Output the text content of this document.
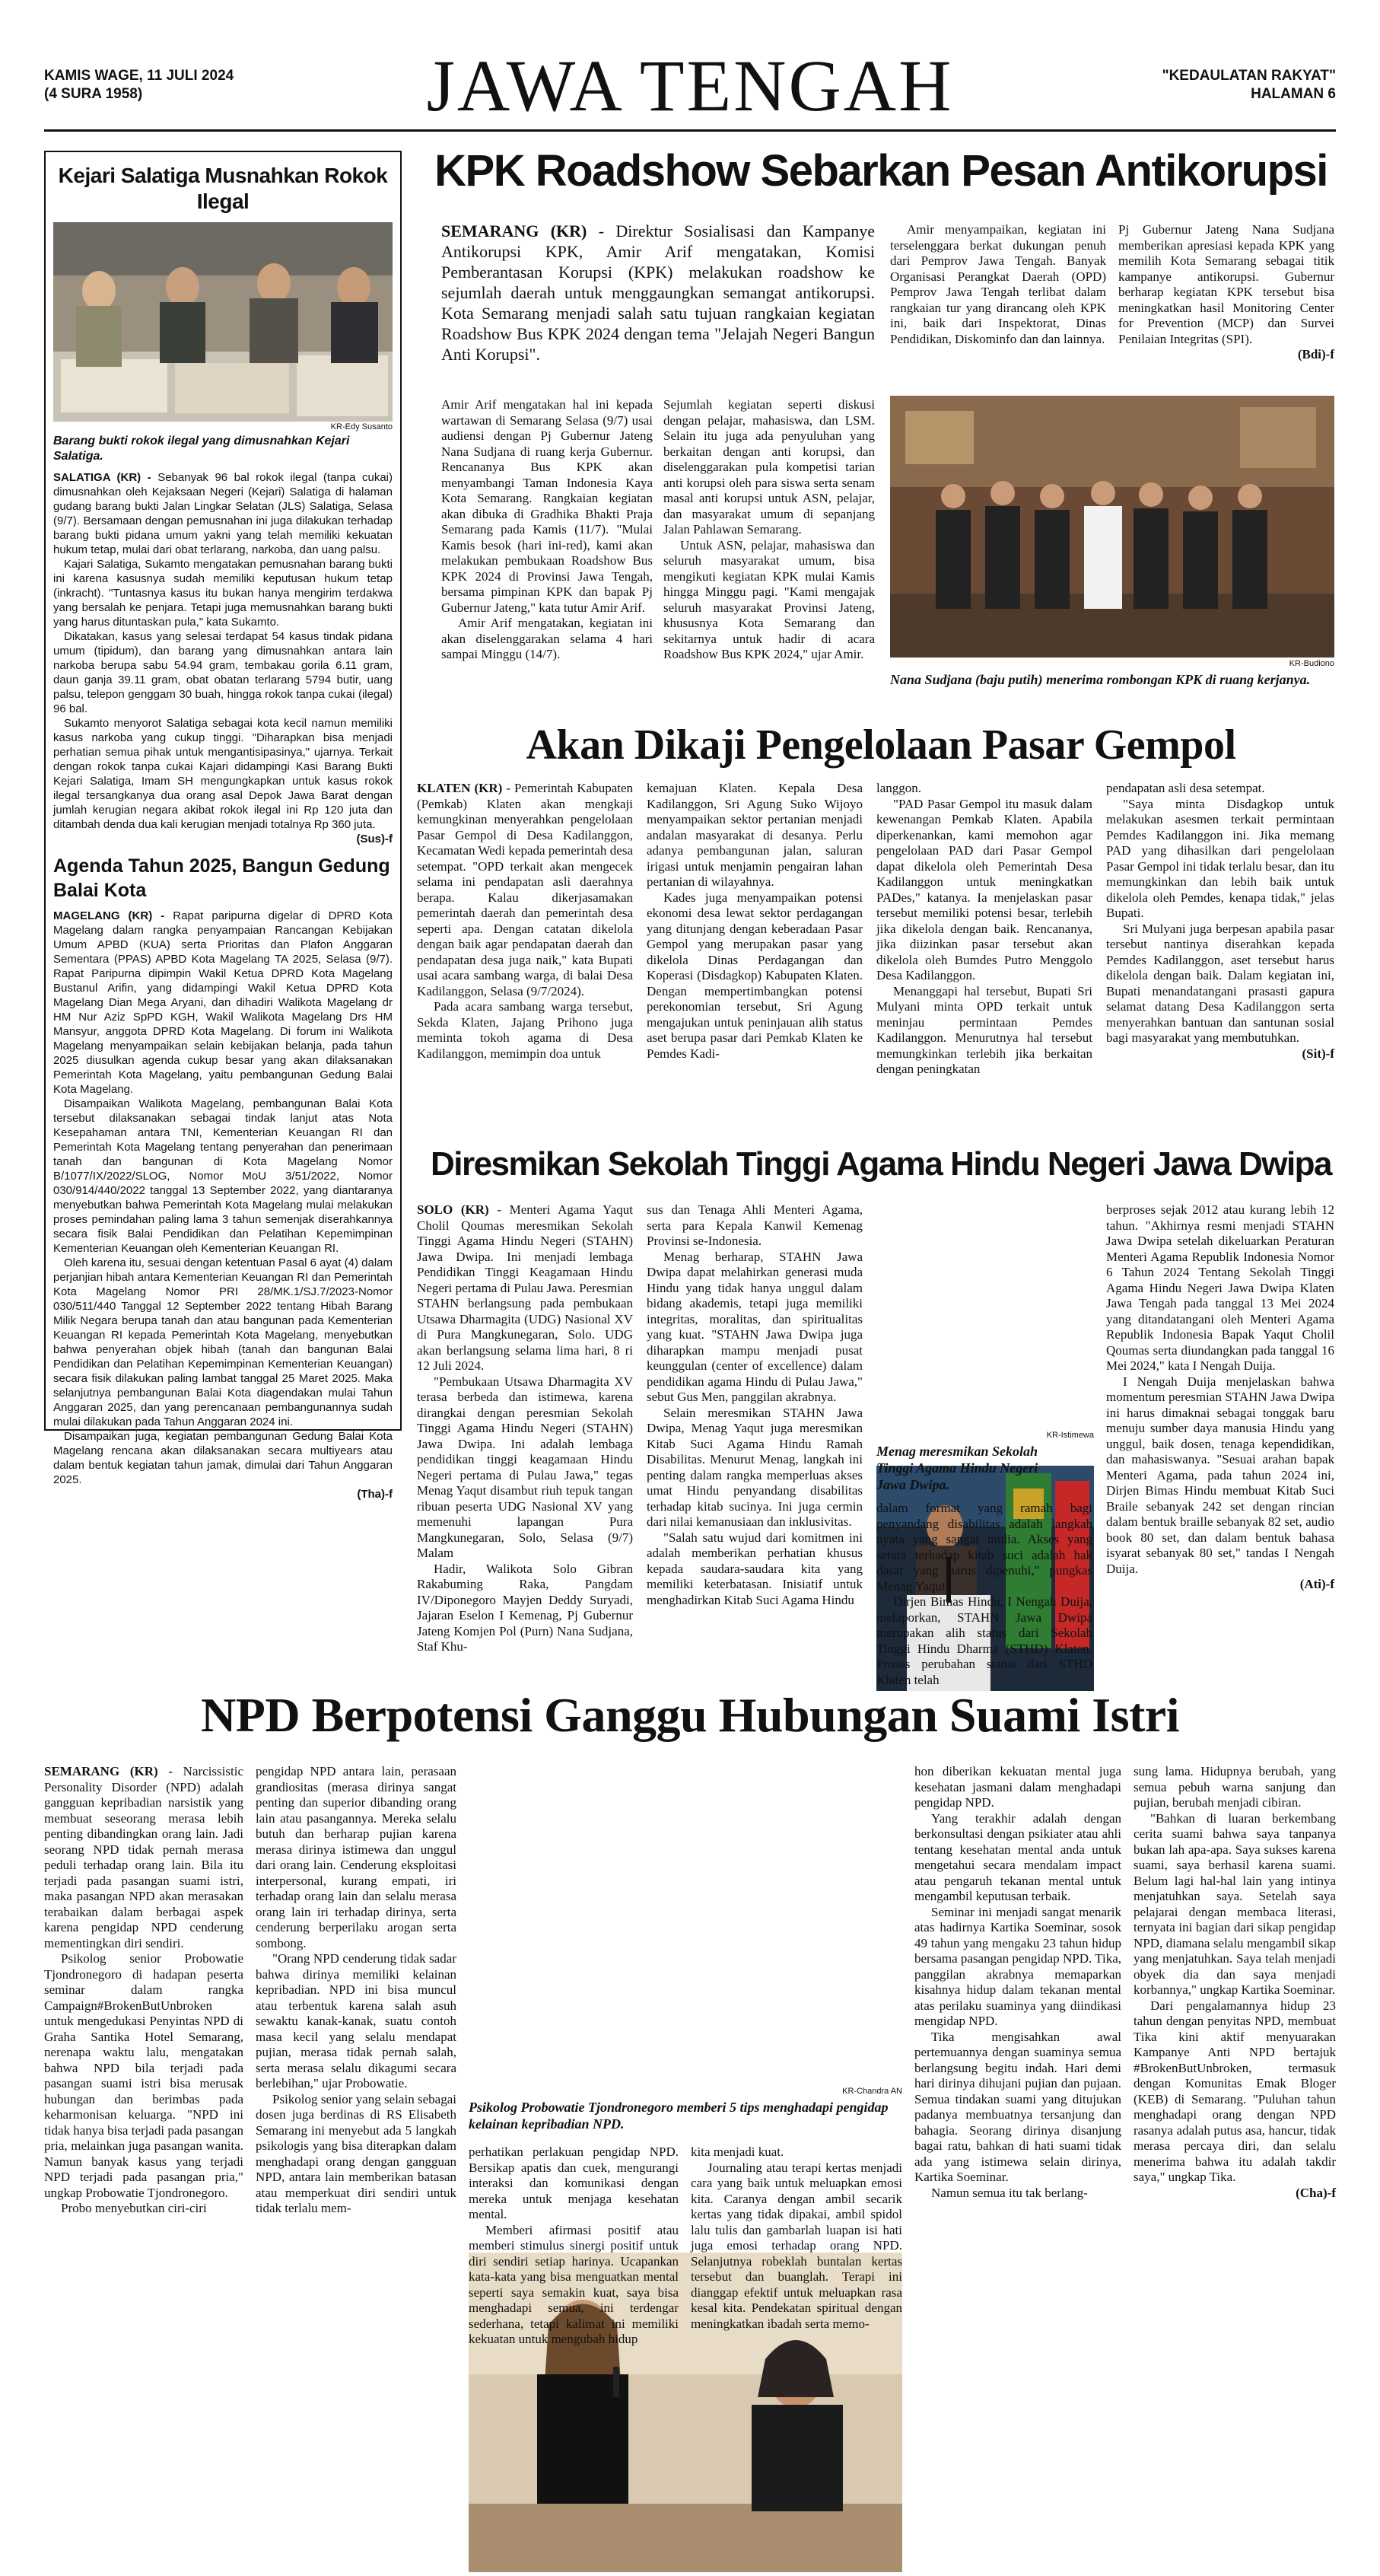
KAMIS WAGE, 11 JULI 2024
(4 SURA 1958)	JAWA TENGAH	"KEDAULATAN RAKYAT"
HALAMAN 6
Kejari Salatiga Musnahkan Rokok Ilegal
KR-Edy Susanto
Barang bukti rokok ilegal yang dimusnahkan Kejari Salatiga.

SALATIGA (KR) - Sebanyak 96 bal rokok ilegal (tanpa cukai) dimusnahkan oleh Kejaksaan Negeri (Kejari) Salatiga di halaman gudang barang bukti Jalan Lingkar Selatan (JLS) Salatiga, Selasa (9/7). Bersamaan dengan pemusnahan ini juga dilakukan terhadap barang bukti pidana umum yakni yang telah memiliki kekuatan hukum tetap, mulai dari obat terlarang, narkoba, dan uang palsu.

Kajari Salatiga, Sukamto mengatakan pemusnahan barang bukti ini karena kasusnya sudah memiliki keputusan hukum tetap (inkracht). "Tuntasnya kasus itu bukan hanya mengirim terdakwa yang bersalah ke penjara. Tetapi juga memusnahkan barang bukti yang harus dituntaskan pula," kata Sukamto.

Dikatakan, kasus yang selesai terdapat 54 kasus tindak pidana umum (tipidum), dan barang yang dimusnahkan antara lain narkoba berupa sabu 54.94 gram, tembakau gorila 6.11 gram, daun ganja 39.11 gram, obat obatan terlarang 5794 butir, uang palsu, telepon genggam 30 buah, hingga rokok tanpa cukai (ilegal) 96 bal.

Sukamto menyorot Salatiga sebagai kota kecil namun memiliki kasus narkoba yang cukup tinggi. "Diharapkan bisa menjadi perhatian semua pihak untuk mengantisipasinya," ujarnya. Terkait dengan rokok tanpa cukai Kajari didampingi Kasi Barang Bukti Kejari Salatiga, Imam SH mengungkapkan untuk kasus rokok ilegal tersangkanya dua orang asal Depok Jawa Barat dengan jumlah kerugian negara akibat rokok ilegal ini Rp 120 juta dan ditambah denda dua kali kerugian menjadi totalnya Rp 360 juta.

(Sus)-f
Agenda Tahun 2025, Bangun Gedung Balai Kota

MAGELANG (KR) - Rapat paripurna digelar di DPRD Kota Magelang dalam rangka penyampaian Rancangan Kebijakan Umum APBD (KUA) serta Prioritas dan Plafon Anggaran Sementara (PPAS) APBD Kota Magelang TA 2025, Selasa (9/7). Rapat Paripurna dipimpin Wakil Ketua DPRD Kota Magelang Bustanul Arifin, yang didampingi Wakil Ketua DPRD Kota Magelang Dian Mega Aryani, dan dihadiri Walikota Magelang dr HM Nur Aziz SpPD KGH, Wakil Walikota Magelang Drs HM Mansyur, anggota DPRD Kota Magelang. Di forum ini Walikota Magelang menyampaikan selain kebijakan belanja, pada tahun 2025 diusulkan agenda cukup besar yang akan dilaksanakan Pemerintah Kota Magelang, yaitu pembangunan Gedung Balai Kota Magelang.

Disampaikan Walikota Magelang, pembangunan Balai Kota tersebut dilaksanakan sebagai tindak lanjut atas Nota Kesepahaman antara TNI, Kementerian Keuangan RI dan Pemerintah Kota Magelang tentang penyerahan dan penerimaan tanah dan bangunan di Kota Magelang Nomor B/1077/IX/2022/SLOG, Nomor MoU 3/51/2022, Nomor 030/914/440/2022 tanggal 13 September 2022, yang diantaranya menyebutkan bahwa Pemerintah Kota Magelang mulai melakukan proses pemindahan paling lama 3 tahun semenjak diserahkannya secara fisik Balai Pendidikan dan Pelatihan Kepemimpinan Kementerian Keuangan oleh Kementerian Keuangan RI.

Oleh karena itu, sesuai dengan ketentuan Pasal 6 ayat (4) dalam perjanjian hibah antara Kementerian Keuangan RI dan Pemerintah Kota Magelang Nomor PRI 28/MK.1/SJ.7/2023-Nomor 030/511/440 Tanggal 12 September 2022 tentang Hibah Barang Milik Negara berupa tanah dan atau bangunan pada Kementerian Keuangan RI kepada Pemerintah Kota Magelang, menyebutkan bahwa penyerahan objek hibah (tanah dan bangunan Balai Pendidikan dan Pelatihan Kepemimpinan Kementerian Keuangan) secara fisik dilakukan paling lambat tanggal 25 Maret 2025. Maka selanjutnya pembangunan Balai Kota diagendakan mulai Tahun Anggaran 2025, dan yang perencanaan pembangunannya sudah mulai dilakukan pada Tahun Anggaran 2024 ini.

Disampaikan juga, kegiatan pembangunan Gedung Balai Kota Magelang rencana akan dilaksanakan secara multiyears atau dalam bentuk kegiatan tahun jamak, dimulai dari Tahun Anggaran 2025.

(Tha)-f
KPK Roadshow Sebarkan Pesan Antikorupsi

SEMARANG (KR) - Direktur Sosialisasi dan Kampanye Antikorupsi KPK, Amir Arif mengatakan, Komisi Pemberantasan Korupsi (KPK) melakukan roadshow ke sejumlah daerah untuk menggaungkan semangat antikorupsi. Kota Semarang menjadi salah satu tujuan rangkaian kegiatan Roadshow Bus KPK 2024 dengan tema "Jelajah Negeri Bangun Anti Korupsi".

Amir Arif mengatakan hal ini kepada wartawan di Semarang Selasa (9/7) usai audiensi dengan Pj Gubernur Jateng Nana Sudjana di ruang kerja Gubernur. Rencananya Bus KPK akan menyambangi Taman Indonesia Kaya Kota Semarang. Rangkaian kegiatan akan dibuka di Gradhika Bhakti Praja Semarang pada Kamis (11/7). "Mulai Kamis besok (hari ini-red), kami akan melakukan pembukaan Roadshow Bus KPK 2024 di Provinsi Jawa Tengah, bersama pimpinan KPK dan bapak Pj Gubernur Jateng," kata tutur Amir Arif.

Amir Arif mengatakan, kegiatan ini akan diselenggarakan selama 4 hari sampai Minggu (14/7).

Sejumlah kegiatan seperti diskusi dengan pelajar, mahasiswa, dan LSM. Selain itu juga ada penyuluhan yang berkaitan dengan anti korupsi, dan diselenggarakan pula kompetisi tarian anti korupsi oleh para siswa serta senam masal anti korupsi untuk ASN, pelajar, dan masyarakat umum di sepanjang Jalan Pahlawan Semarang.

Untuk ASN, pelajar, mahasiswa dan seluruh masyarakat umum, bisa mengikuti kegiatan KPK mulai Kamis hingga Minggu pagi. "Kami mengajak seluruh masyarakat Provinsi Jateng, khususnya Kota Semarang dan sekitarnya untuk hadir di acara Roadshow Bus KPK 2024," ujar Amir.

Amir menyampaikan, kegiatan ini terselenggara berkat dukungan penuh dari Pemprov Jawa Tengah. Banyak Organisasi Perangkat Daerah (OPD) Pemprov Jawa Tengah terlibat dalam rangkaian tur yang dirancang oleh KPK ini, baik dari Inspektorat, Dinas Pendidikan, Diskominfo dan dan lainnya.

Pj Gubernur Jateng Nana Sudjana memberikan apresiasi kepada KPK yang memilih Kota Semarang sebagai titik kampanye antikorupsi. Gubernur berharap kegiatan KPK tersebut bisa meningkatkan hasil Monitoring Center for Prevention (MCP) dan Survei Penilaian Integritas (SPI).

(Bdi)-f
KR-Budiono
Nana Sudjana (baju putih) menerima rombongan KPK di ruang kerjanya.
Akan Dikaji Pengelolaan Pasar Gempol

KLATEN (KR) - Pemerintah Kabupaten (Pemkab) Klaten akan mengkaji kemungkinan menyerahkan pengelolaan Pasar Gempol di Desa Kadilanggon, Kecamatan Wedi kepada pemerintah desa setempat. "OPD terkait akan mengecek selama ini pendapatan asli daerahnya berapa. Kalau dikerjasamakan pemerintah daerah dan pemerintah desa seperti apa. Dengan catatan dikelola dengan baik agar pendapatan daerah dan pendapatan desa juga naik," kata Bupati usai acara sambang warga, di balai Desa Kadilanggon, Selasa (9/7/2024).

Pada acara sambang warga tersebut, Sekda Klaten, Jajang Prihono juga meminta tokoh agama di Desa Kadilanggon, memimpin doa untuk

kemajuan Klaten. Kepala Desa Kadilanggon, Sri Agung Suko Wijoyo menyampaikan sektor pertanian menjadi andalan masyarakat di desanya. Perlu adanya pembangunan jalan, saluran irigasi untuk menjamin pengairan lahan pertanian di wilayahnya.

Kades juga menyampaikan potensi ekonomi desa lewat sektor perdagangan yang ditunjang dengan keberadaan Pasar Gempol yang merupakan pasar yang dikelola Dinas Perdagangan dan Koperasi (Disdagkop) Kabupaten Klaten. Dengan mempertimbangkan potensi perekonomian tersebut, Sri Agung mengajukan untuk peninjauan alih status aset berupa pasar dari Pemkab Klaten ke Pemdes Kadi-

langgon.

"PAD Pasar Gempol itu masuk dalam kewenangan Pemkab Klaten. Apabila diperkenankan, kami memohon agar pengelolaan PAD dari Pasar Gempol dapat dikelola oleh Pemerintah Desa Kadilanggon untuk meningkatkan PADes," katanya. Ia menjelaskan pasar tersebut memiliki potensi besar, terlebih jika dikelola dengan baik. Rencananya, jika diizinkan pasar tersebut akan dikelola oleh Bumdes Putro Menggolo Desa Kadilanggon.

Menanggapi hal tersebut, Bupati Sri Mulyani minta OPD terkait untuk meninjau permintaan Pemdes Kadilanggon. Menurutnya hal tersebut memungkinkan terlebih jika berkaitan dengan peningkatan

pendapatan asli desa setempat.

"Saya minta Disdagkop untuk melakukan asesmen terkait permintaan Pemdes Kadilanggon ini. Jika memang PAD yang dihasilkan dari pengelolaan Pasar Gempol ini tidak terlalu besar, dan itu memungkinkan dan lebih baik untuk dikelola oleh Pemdes, kenapa tidak," jelas Bupati.

Sri Mulyani juga berpesan apabila pasar tersebut nantinya diserahkan kepada Pemdes Kadilanggon, aset tersebut harus dikelola dengan baik. Dalam kegiatan ini, Bupati menandatangani prasasti gapura selamat datang Desa Kadilanggon serta menyerahkan bantuan dan santunan sosial bagi masyarakat yang membutuhkan.

(Sit)-f
Diresmikan Sekolah Tinggi Agama Hindu Negeri Jawa Dwipa

SOLO (KR) - Menteri Agama Yaqut Cholil Qoumas meresmikan Sekolah Tinggi Agama Hindu Negeri (STAHN) Jawa Dwipa. Ini menjadi lembaga Pendidikan Tinggi Keagamaan Hindu Negeri pertama di Pulau Jawa. Peresmian STAHN berlangsung pada pembukaan Utsawa Dharmagita (UDG) Nasional XV di Pura Mangkunegaran, Solo. UDG akan berlangsung selama lima hari, 8 ri 12 Juli 2024.

"Pembukaan Utsawa Dharmagita XV terasa berbeda dan istimewa, karena dirangkai dengan peresmian Sekolah Tinggi Agama Hindu Negeri (STAHN) Jawa Dwipa. Ini adalah lembaga pendidikan tinggi keagamaan Hindu Negeri pertama di Pulau Jawa," tegas Menag Yaqut disambut riuh tepuk tangan ribuan peserta UDG Nasional XV yang memenuhi lapangan Pura Mangkunegaran, Solo, Selasa (9/7) Malam

Hadir, Walikota Solo Gibran Rakabuming Raka, Pangdam IV/Diponegoro Mayjen Deddy Suryadi, Jajaran Eselon I Kemenag, Pj Gubernur Jateng Komjen Pol (Purn) Nana Sudjana, Staf Khu-

sus dan Tenaga Ahli Menteri Agama, serta para Kepala Kanwil Kemenag Provinsi se-Indonesia.

Menag berharap, STAHN Jawa Dwipa dapat melahirkan generasi muda Hindu yang tidak hanya unggul dalam bidang akademis, tetapi juga memiliki integritas, moralitas, dan spiritualitas yang kuat. "STAHN Jawa Dwipa juga diharapkan mampu menjadi pusat keunggulan (center of excellence) dalam pendidikan agama Hindu di Pulau Jawa," sebut Gus Men, panggilan akrabnya.

Selain meresmikan STAHN Jawa Dwipa, Menag Yaqut juga meresmikan Kitab Suci Agama Hindu Ramah Disabilitas. Menurut Menag, langkah ini penting dalam rangka memperluas akses umat Hindu penyandang disabilitas terhadap kitab sucinya. Ini juga cermin dari nilai kemanusiaan dan inklusivitas.

"Salah satu wujud dari komitmen ini adalah memberikan perhatian khusus kepada saudara-saudara kita yang memiliki keterbatasan. Inisiatif untuk menghadirkan Kitab Suci Agama Hindu

KR-Istimewa
Menag meresmikan Sekolah Tinggi Agama Hindu Negeri Jawa Dwipa.

dalam format yang ramah bagi penyandang disabilitas adalah langkah nyata yang sangat mulia. Akses yang setara terhadap kitab suci adalah hak dasar yang harus dipenuhi," pungkas Menag Yaqut.

Dirjen Bimas Hindu, I Nengah Duija, melaporkan, STAHN Jawa Dwipa merupakan alih status dari Sekolah Tinggi Hindu Dharma (STHD) Klaten. Proses perubahan status dari STHD Klaten telah

berproses sejak 2012 atau kurang lebih 12 tahun. "Akhirnya resmi menjadi STAHN Jawa Dwipa setelah dikeluarkan Peraturan Menteri Agama Republik Indonesia Nomor 6 Tahun 2024 Tentang Sekolah Tinggi Agama Hindu Negeri Jawa Dwipa Klaten Jawa Tengah pada tanggal 13 Mei 2024 yang ditandatangani oleh Menteri Agama Republik Indonesia Bapak Yaqut Cholil Qoumas serta diundangkan pada tanggal 16 Mei 2024," kata I Nengah Duija.

I Nengah Duija menjelaskan bahwa momentum peresmian STAHN Jawa Dwipa ini harus dimaknai sebagai tonggak baru menuju sumber daya manusia Hindu yang unggul, baik dosen, tenaga kependidikan, dan mahasiswanya. "Sesuai arahan bapak Menteri Agama, pada tahun 2024 ini, Dirjen Bimas Hindu membuat Kitab Suci Braile sebanyak 242 set dengan rincian dalam bentuk braille sebanyak 82 set, audio book 80 set, dan dalam bentuk bahasa isyarat sebanyak 80 set," tandas I Nengah Duija.

(Ati)-f
NPD Berpotensi Ganggu Hubungan Suami Istri

SEMARANG (KR) - Narcissistic Personality Disorder (NPD) adalah gangguan kepribadian narsistik yang membuat seseorang merasa lebih penting dibandingkan orang lain. Jadi seorang NPD tidak pernah merasa peduli terhadap orang lain. Bila itu terjadi pada pasangan suami istri, maka pasangan NPD akan merasakan terabaikan dalam berbagai aspek karena pengidap NPD cenderung mementingkan diri sendiri.

Psikolog senior Probowatie Tjondronegoro di hadapan peserta seminar dalam rangka Campaign#BrokenButUnbroken untuk mengedukasi Penyintas NPD di Graha Santika Hotel Semarang, nerenapa waktu lalu, mengatakan bahwa NPD bila terjadi pada pasangan suami istri bisa merusak hubungan dan berimbas pada keharmonisan keluarga. "NPD ini tidak hanya bisa terjadi pada pasangan pria, melainkan juga pasangan wanita. Namun banyak kasus yang terjadi NPD terjadi pada pasangan pria," ungkap Probowatie Tjondronegoro.

Probo menyebutkan ciri-ciri

pengidap NPD antara lain, perasaan grandiositas (merasa dirinya sangat penting dan superior dibanding orang lain atau pasangannya. Mereka selalu butuh dan berharap pujian karena merasa dirinya istimewa dan unggul dari orang lain. Cenderung eksploitasi interpersonal, kurang empati, iri terhadap orang lain dan selalu merasa orang lain iri terhadap dirinya, serta cenderung berperilaku arogan serta sombong.

"Orang NPD cenderung tidak sadar bahwa dirinya memiliki kelainan kepribadian. NPD ini bisa muncul atau terbentuk karena salah asuh sewaktu kanak-kanak, suatu contoh masa kecil yang selalu mendapat pujian, merasa tidak pernah salah, serta merasa selalu dikagumi secara berlebihan," ujar Probowatie.

Psikolog senior yang selain sebagai dosen juga berdinas di RS Elisabeth Semarang ini menyebut ada 5 langkah psikologis yang bisa diterapkan dalam menghadapi orang dengan gangguan NPD, antara lain memberikan batasan atau memperkuat diri sendiri untuk tidak terlalu mem-

KR-Chandra AN
Psikolog Probowatie Tjondronegoro memberi 5 tips menghadapi pengidap kelainan kepribadian NPD.

perhatikan perlakuan pengidap NPD. Bersikap apatis dan cuek, mengurangi interaksi dan komunikasi dengan mereka untuk menjaga kesehatan mental.

Memberi afirmasi positif atau memberi stimulus sinergi positif untuk diri sendiri setiap harinya. Ucapankan kata-kata yang bisa menguatkan mental seperti saya semakin kuat, saya bisa menghadapi semua, ini terdengar sederhana, tetapi kalimat ini memiliki kekuatan untuk mengubah hidup

kita menjadi kuat.

Journaling atau terapi kertas menjadi cara yang baik untuk meluapkan emosi kita. Caranya dengan ambil secarik kertas yang tidak dipakai, ambil spidol lalu tulis dan gambarlah luapan isi hati juga emosi terhadap orang NPD. Selanjutnya robeklah buntalan kertas tersebut dan buanglah. Terapi ini dianggap efektif untuk meluapkan rasa kesal kita. Pendekatan spiritual dengan meningkatkan ibadah serta memo-

hon diberikan kekuatan mental juga kesehatan jasmani dalam menghadapi pengidap NPD.

Yang terakhir adalah dengan berkonsultasi dengan psikiater atau ahli tentang kesehatan mental anda untuk mengetahui secara mendalam impact atau pengaruh tekanan mental untuk mengambil keputusan terbaik.

Seminar ini menjadi sangat menarik atas hadirnya Kartika Soeminar, sosok 49 tahun yang mengaku 23 tahun hidup bersama pasangan pengidap NPD. Tika, panggilan akrabnya memaparkan kisahnya hidup dalam tekanan mental atas perilaku suaminya yang diindikasi mengidap NPD.

Tika mengisahkan awal pertemuannya dengan suaminya semua berlangsung begitu indah. Hari demi hari dirinya dihujani pujian dan pujaan. Semua tindakan suami yang ditujukan padanya membuatnya tersanjung dan bahagia. Seorang dirinya disanjung bagai ratu, bahkan di hati suami tidak ada yang istimewa selain dirinya, Kartika Soeminar.

Namun semua itu tak berlang-

sung lama. Hidupnya berubah, yang semua pebuh warna sanjung dan pujian, berubah menjadi cibiran.

"Bahkan di luaran berkembang cerita suami bahwa saya tanpanya bukan lah apa-apa. Saya sukses karena suami, saya berhasil karena suami. Belum lagi hal-hal lain yang intinya menjatuhkan saya. Setelah saya pelajarai dengan membaca literasi, ternyata ini bagian dari sikap pengidap NPD, diamana selalu mengambil sikap yang menjatuhkan. Saya telah menjadi obyek dia dan saya menjadi korbannya," ungkap Kartika Soeminar.

Dari pengalamannya hidup 23 tahun dengan penyitas NPD, membuat Tika kini aktif menyuarakan Kampanye Anti NPD bertajuk #BrokenButUnbroken, termasuk dengan Komunitas Emak Bloger (KEB) di Semarang. "Puluhan tahun menghadapi orang dengan NPD rasanya adalah putus asa, hancur, tidak merasa percaya diri, dan selalu menerima bahwa itu adalah takdir saya," ungkap Tika.

(Cha)-f
